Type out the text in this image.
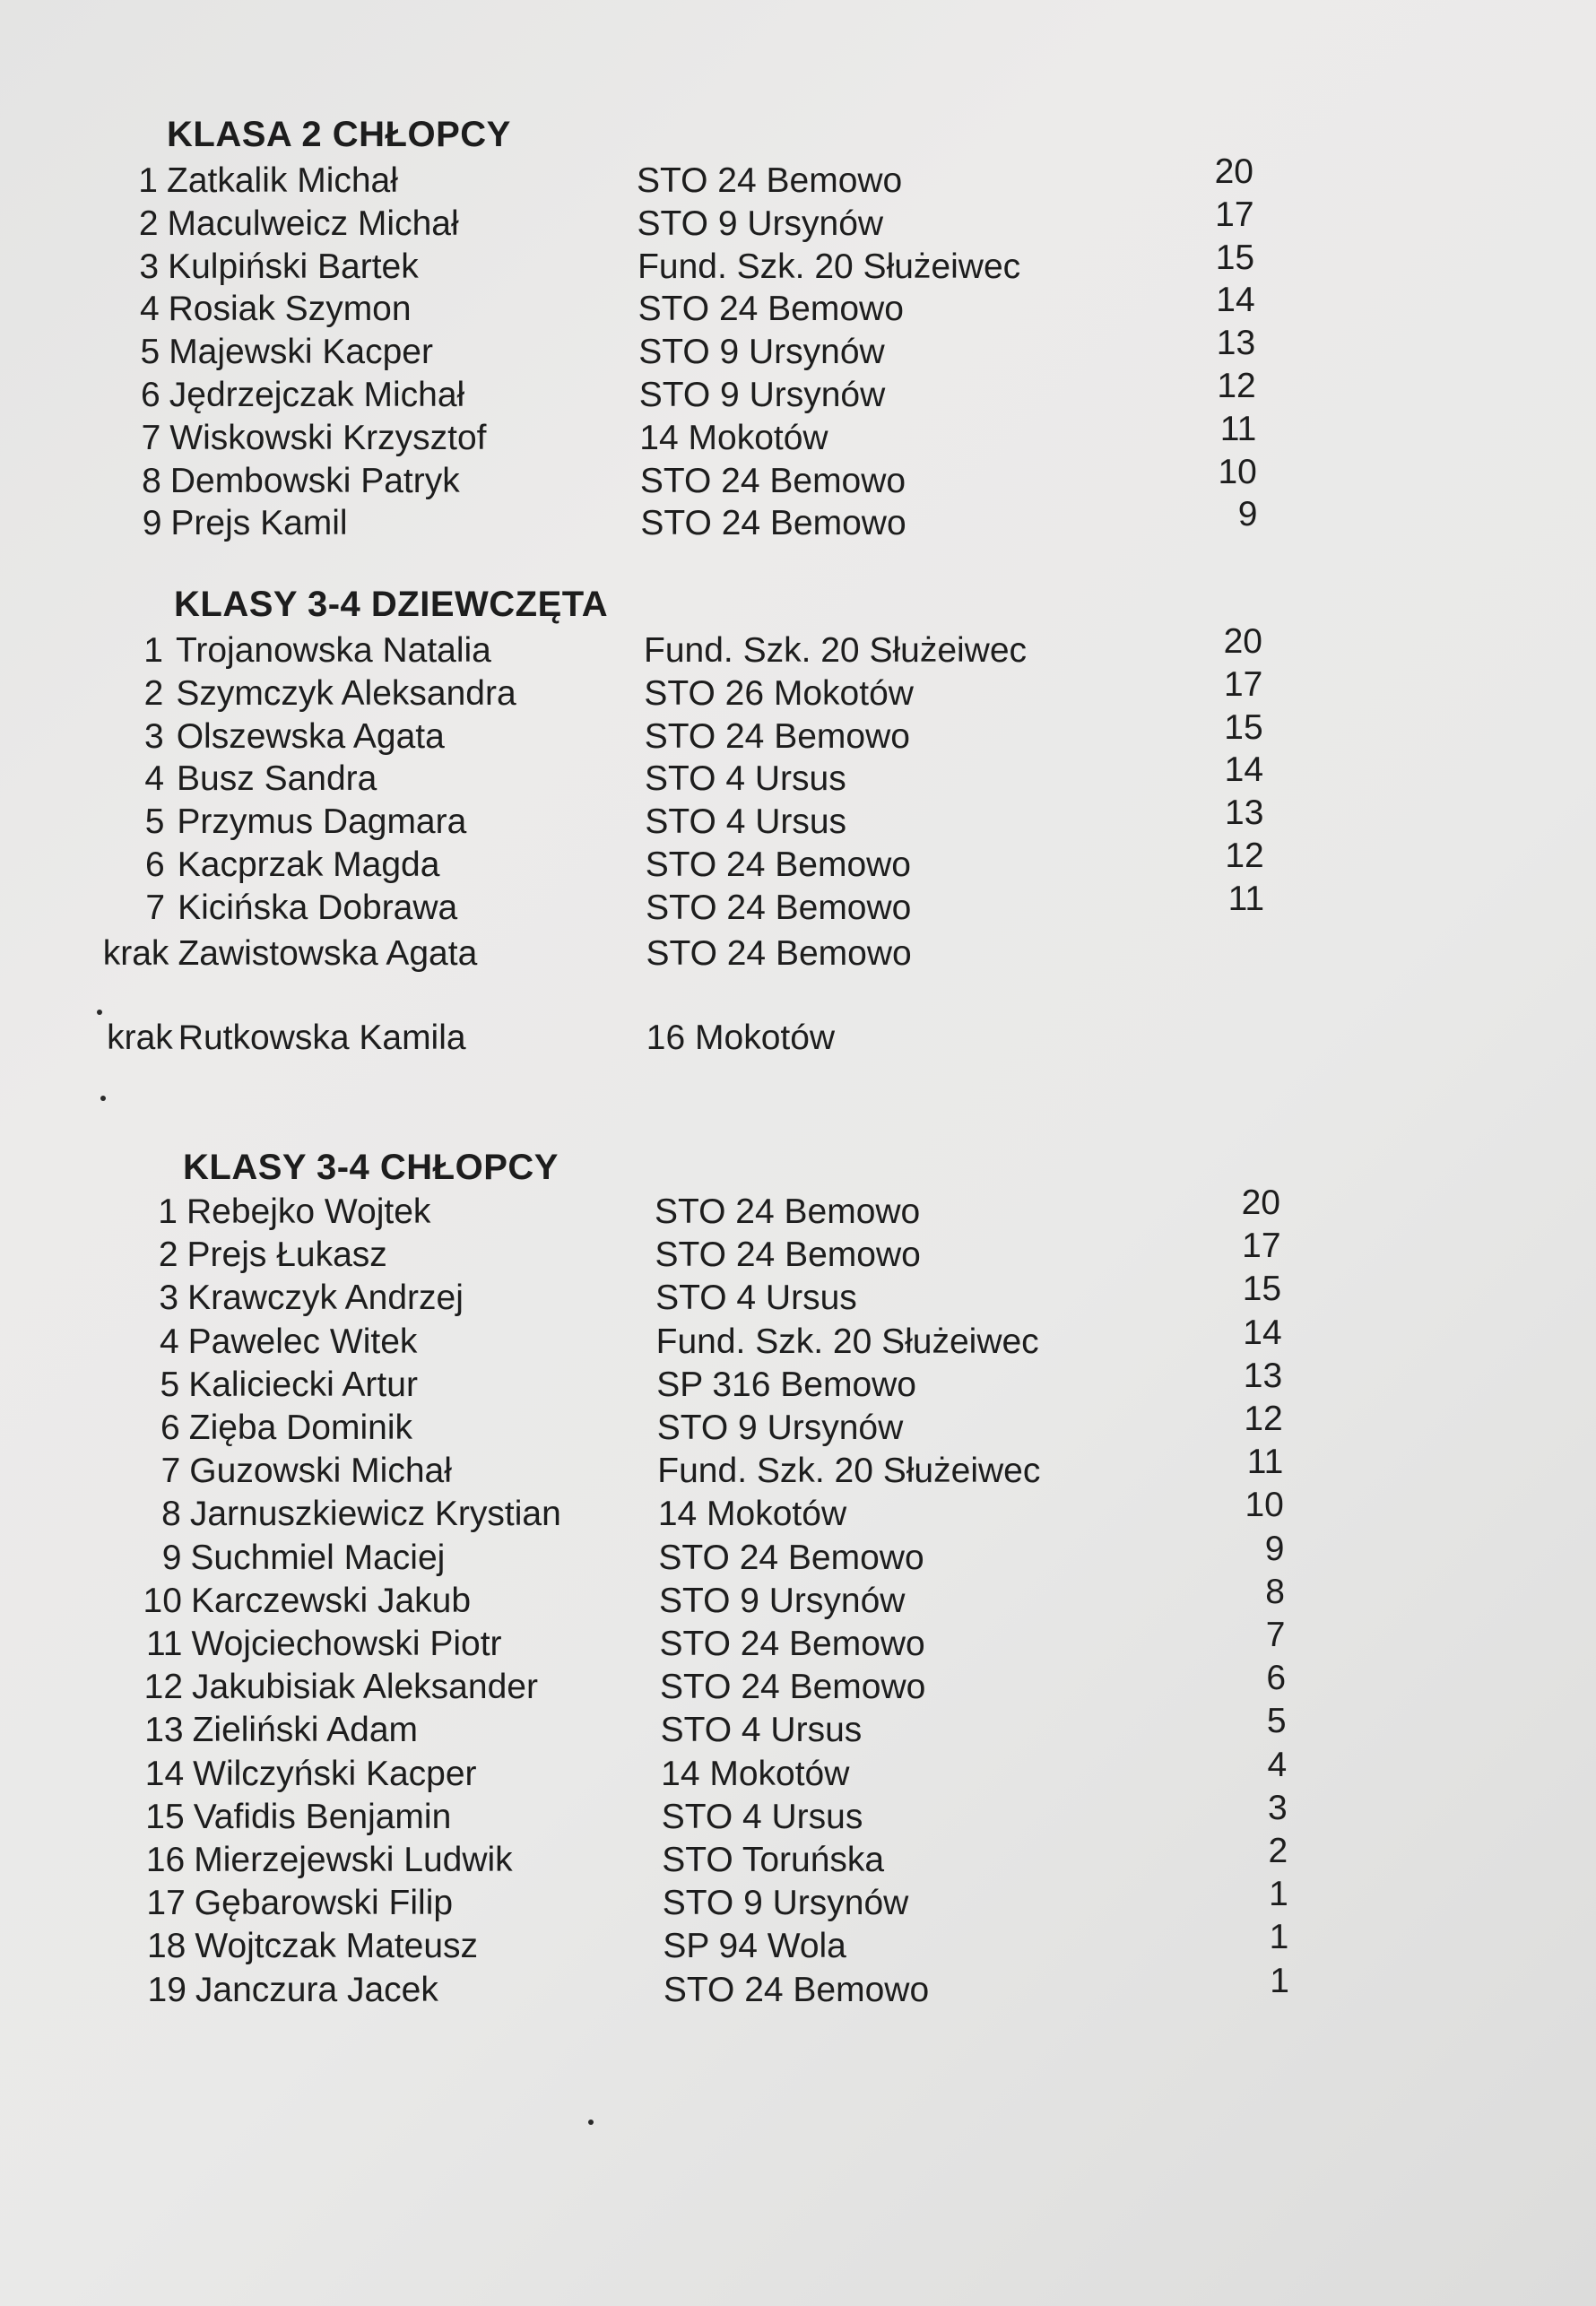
KLASA 2 CHŁOPCY
KLASY 3-4 DZIEWCZĘTA
KLASY 3-4 CHŁOPCY
1 Zatkalik Michał	STO 24 Bemowo	20
2 Maculweicz Michał	STO 9 Ursynów	17
3 Kulpiński Bartek	Fund. Szk. 20 Służeiwec	15
4 Rosiak Szymon	STO 24 Bemowo	14
5 Majewski Kacper	STO 9 Ursynów	13
6 Jędrzejczak Michał	STO 9 Ursynów	12
7 Wiskowski Krzysztof	14 Mokotów	11
8 Dembowski Patryk	STO 24 Bemowo	10
9 Prejs Kamil	STO 24 Bemowo	9
1 Trojanowska Natalia	Fund. Szk. 20 Służeiwec	20
2 Szymczyk Aleksandra	STO 26 Mokotów	17
3 Olszewska Agata	STO 24 Bemowo	15
4 Busz Sandra	STO 4 Ursus	14
5 Przymus Dagmara	STO 4 Ursus	13
6 Kacprzak Magda	STO 24 Bemowo	12
7 Kicińska Dobrawa	STO 24 Bemowo	11
krak Zawistowska Agata	STO 24 Bemowo
krak Rutkowska Kamila	16 Mokotów
1 Rebejko Wojtek	STO 24 Bemowo	20
2 Prejs Łukasz	STO 24 Bemowo	17
3 Krawczyk Andrzej	STO 4 Ursus	15
4 Pawelec Witek	Fund. Szk. 20 Służeiwec	14
5 Kaliciecki Artur	SP 316 Bemowo	13
6 Zięba Dominik	STO 9 Ursynów	12
7 Guzowski Michał	Fund. Szk. 20 Służeiwec	11
8 Jarnuszkiewicz Krystian	14 Mokotów	10
9 Suchmiel Maciej	STO 24 Bemowo	9
10 Karczewski Jakub	STO 9 Ursynów	8
11 Wojciechowski Piotr	STO 24 Bemowo	7
12 Jakubisiak Aleksander	STO 24 Bemowo	6
13 Zieliński Adam	STO 4 Ursus	5
14 Wilczyński Kacper	14 Mokotów	4
15 Vafidis Benjamin	STO 4 Ursus	3
16 Mierzejewski Ludwik	STO Toruńska	2
17 Gębarowski Filip	STO 9 Ursynów	1
18 Wojtczak Mateusz	SP 94 Wola	1
19 Janczura Jacek	STO 24 Bemowo	1
